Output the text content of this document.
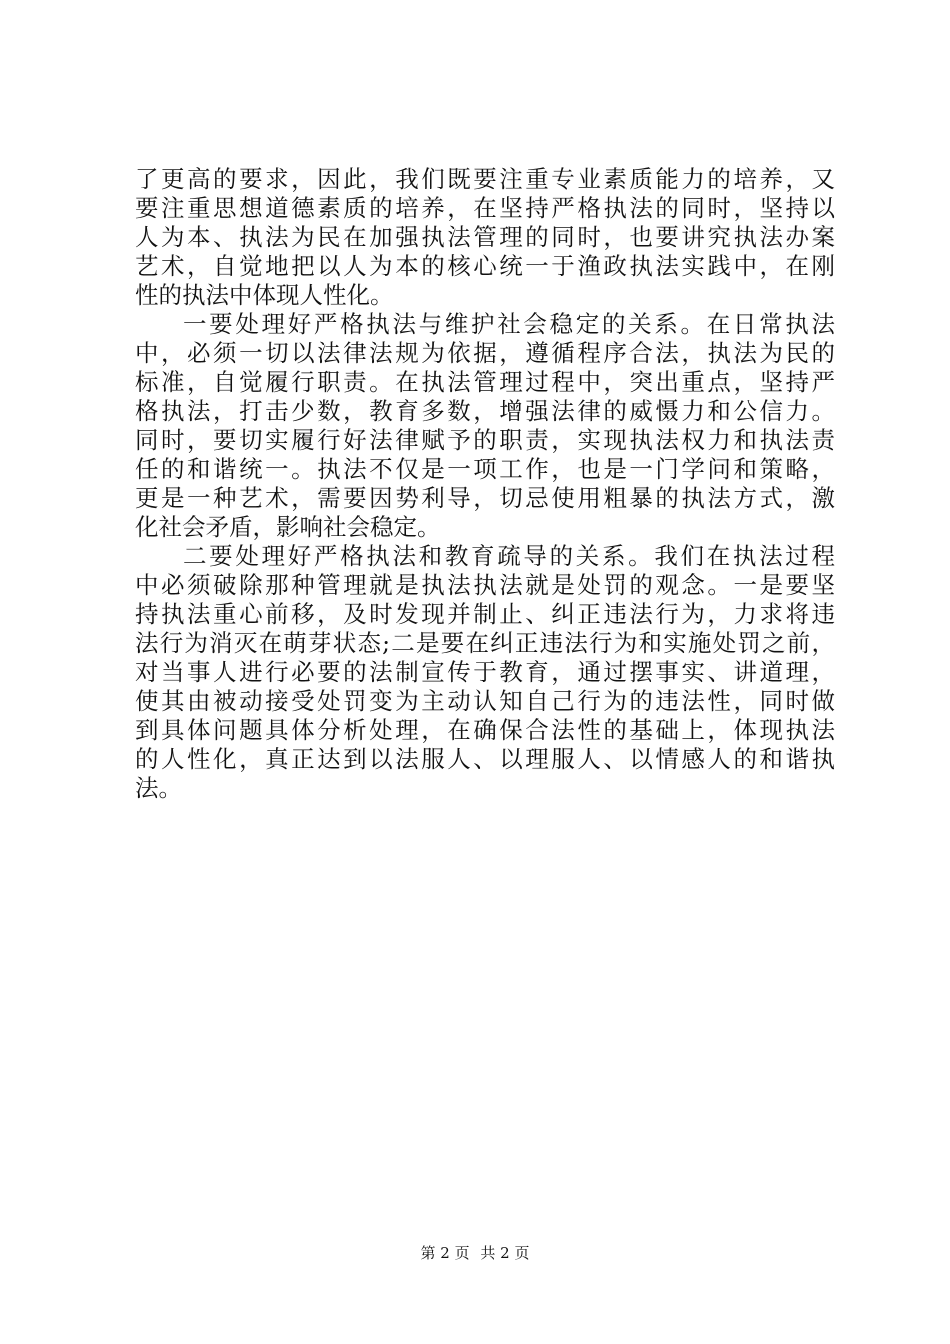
了更高的要求，因此，我们既要注重专业素质能力的培养，又
要注重思想道德素质的培养，在坚持严格执法的同时，坚持以
人为本、执法为民在加强执法管理的同时，也要讲究执法办案
艺术，自觉地把以人为本的核心统一于渔政执法实践中，在刚
性的执法中体现人性化。
一要处理好严格执法与维护社会稳定的关系。在日常执法
中，必须一切以法律法规为依据，遵循程序合法，执法为民的
标准，自觉履行职责。在执法管理过程中，突出重点，坚持严
格执法，打击少数，教育多数，增强法律的威慑力和公信力。
同时，要切实履行好法律赋予的职责，实现执法权力和执法责
任的和谐统一。执法不仅是一项工作，也是一门学问和策略，
更是一种艺术，需要因势利导，切忌使用粗暴的执法方式，激
化社会矛盾，影响社会稳定。
二要处理好严格执法和教育疏导的关系。我们在执法过程
中必须破除那种管理就是执法执法就是处罚的观念。一是要坚
持执法重心前移，及时发现并制止、纠正违法行为，力求将违
法行为消灭在萌芽状态;二是要在纠正违法行为和实施处罚之前，
对当事人进行必要的法制宣传于教育，通过摆事实、讲道理，
使其由被动接受处罚变为主动认知自己行为的违法性，同时做
到具体问题具体分析处理，在确保合法性的基础上，体现执法
的人性化，真正达到以法服人、以理服人、以情感人的和谐执
法。
第 2 页 共 2 页
